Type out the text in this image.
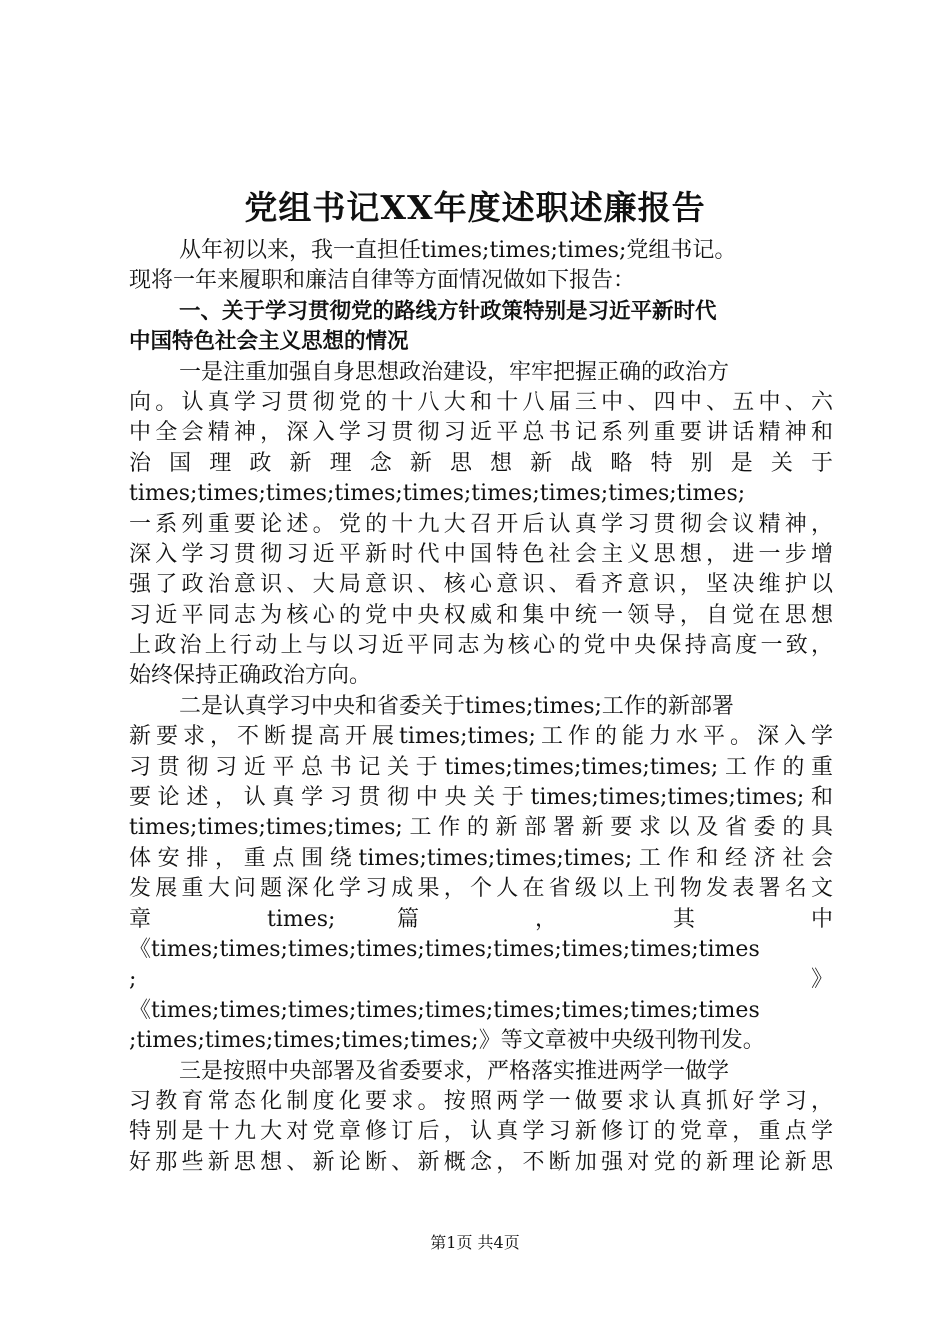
党组书记XX年度述职述廉报告
从年初以来，我一直担任times;times;times;党组书记。
现将一年来履职和廉洁自律等方面情况做如下报告：
一、关于学习贯彻党的路线方针政策特别是习近平新时代
中国特色社会主义思想的情况
一是注重加强自身思想政治建设，牢牢把握正确的政治方
向。认真学习贯彻党的十八大和十八届三中、四中、五中、六
中全会精神，深入学习贯彻习近平总书记系列重要讲话精神和
治 国 理 政 新 理 念 新 思 想 新 战 略 特 别 是 关 于
times;times;times;times;times;times;times;times;times;
一系列重要论述。党的十九大召开后认真学习贯彻会议精神，
深入学习贯彻习近平新时代中国特色社会主义思想，进一步增
强了政治意识、大局意识、核心意识、看齐意识，坚决维护以
习近平同志为核心的党中央权威和集中统一领导，自觉在思想
上政治上行动上与以习近平同志为核心的党中央保持高度一致，
始终保持正确政治方向。
二是认真学习中央和省委关于times;times;工作的新部署
新要求，不断提高开展times;times;工作的能力水平。深入学
习贯彻习近平总书记关于times;times;times;times;工作的重
要论述，认真学习贯彻中央关于times;times;times;times;和
times;times;times;times;工作的新部署新要求以及省委的具
体安排，重点围绕times;times;times;times;工作和经济社会
发展重大问题深化学习成果，个人在省级以上刊物发表署名文
章 times; 篇 ， 其 中
《times;times;times;times;times;times;times;times;times
; 》
《times;times;times;times;times;times;times;times;times
;times;times;times;times;times;》等文章被中央级刊物刊发。
三是按照中央部署及省委要求，严格落实推进两学一做学
习教育常态化制度化要求。按照两学一做要求认真抓好学习，
特别是十九大对党章修订后，认真学习新修订的党章，重点学
好那些新思想、新论断、新概念，不断加强对党的新理论新思
第1页 共4页
